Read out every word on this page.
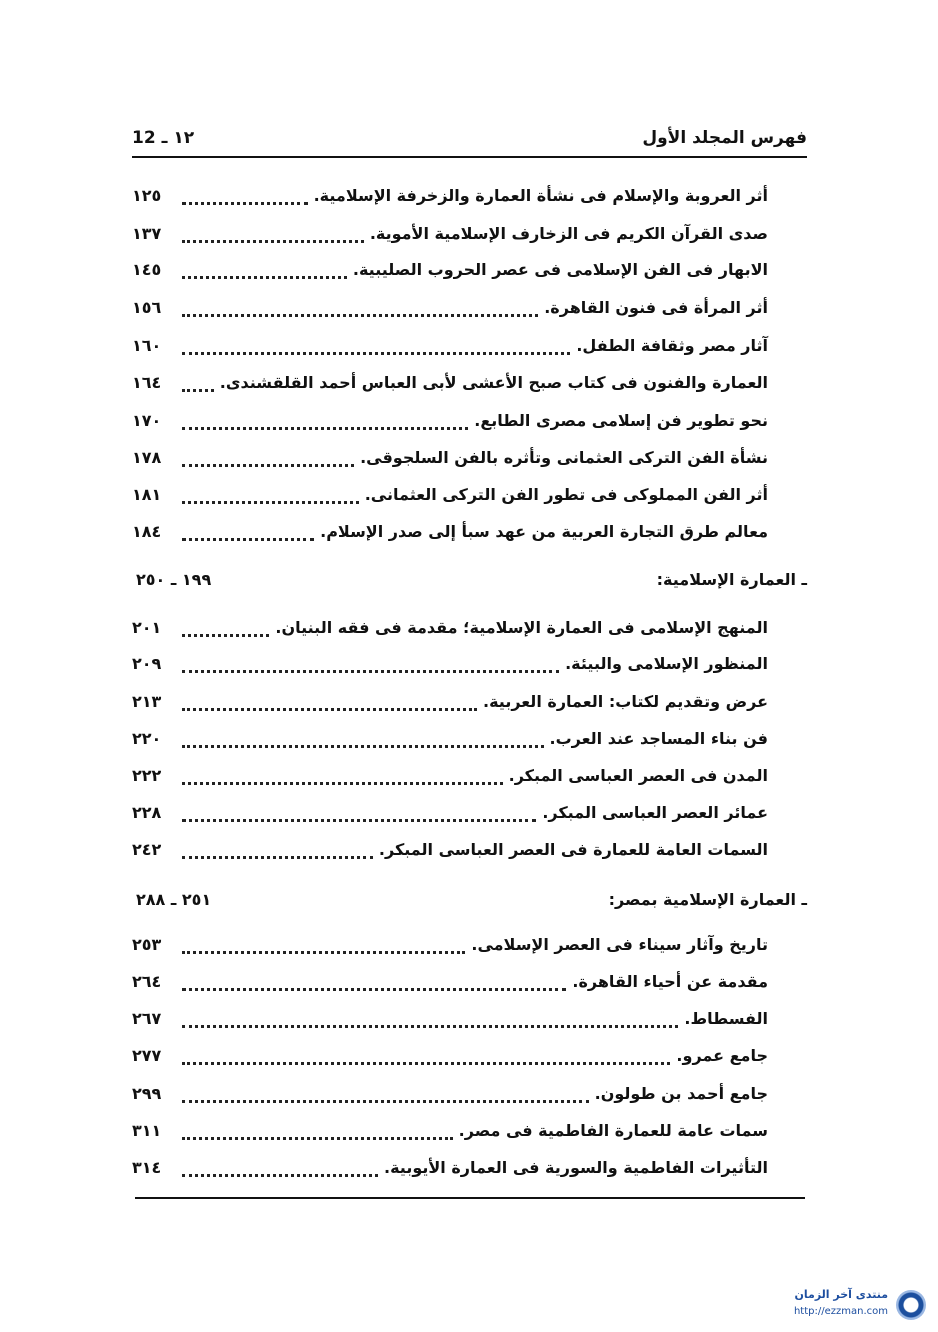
فهرس المجلد الأول
١٢ ـ 12
أثر العروبة والإسلام فى نشأة العمارة والزخرفة الإسلامية.
١٢٥
صدى القرآن الكريم فى الزخارف الإسلامية الأموية.
١٣٧
الابهار فى الفن الإسلامى فى عصر الحروب الصليبية.
١٤٥
أثر المرأة فى فنون القاهرة.
١٥٦
آثار مصر وثقافة الطفل.
١٦٠
العمارة والفنون فى كتاب صبح الأعشى لأبى العباس أحمد القلقشندى.
١٦٤
نحو تطوير فن إسلامى مصرى الطابع.
١٧٠
نشأة الفن التركى العثمانى وتأثره بالفن السلجوقى.
١٧٨
أثر الفن المملوكى فى تطور الفن التركى العثمانى.
١٨١
معالم طرق التجارة العربية من عهد سبأ إلى صدر الإسلام.
١٨٤
ـ العمارة الإسلامية:
١٩٩ ـ ٢٥٠
المنهج الإسلامى فى العمارة الإسلامية؛ مقدمة فى فقه البنيان.
٢٠١
المنظور الإسلامى والبيئة.
٢٠٩
عرض وتقديم لكتاب: العمارة العربية.
٢١٣
فن بناء المساجد عند العرب.
٢٢٠
المدن فى العصر العباسى المبكر.
٢٢٢
عمائر العصر العباسى المبكر.
٢٢٨
السمات العامة للعمارة فى العصر العباسى المبكر.
٢٤٢
ـ العمارة الإسلامية بمصر:
٢٥١ ـ ٢٨٨
تاريخ وآثار سيناء فى العصر الإسلامى.
٢٥٣
مقدمة عن أحياء القاهرة.
٢٦٤
الفسطاط.
٢٦٧
جامع عمرو.
٢٧٧
جامع أحمد بن طولون.
٢٩٩
سمات عامة للعمارة الفاطمية فى مصر.
٣١١
التأثيرات الفاطمية والسورية فى العمارة الأيوبية.
٣١٤
منتدى آخر الزمان
http://ezzman.com
